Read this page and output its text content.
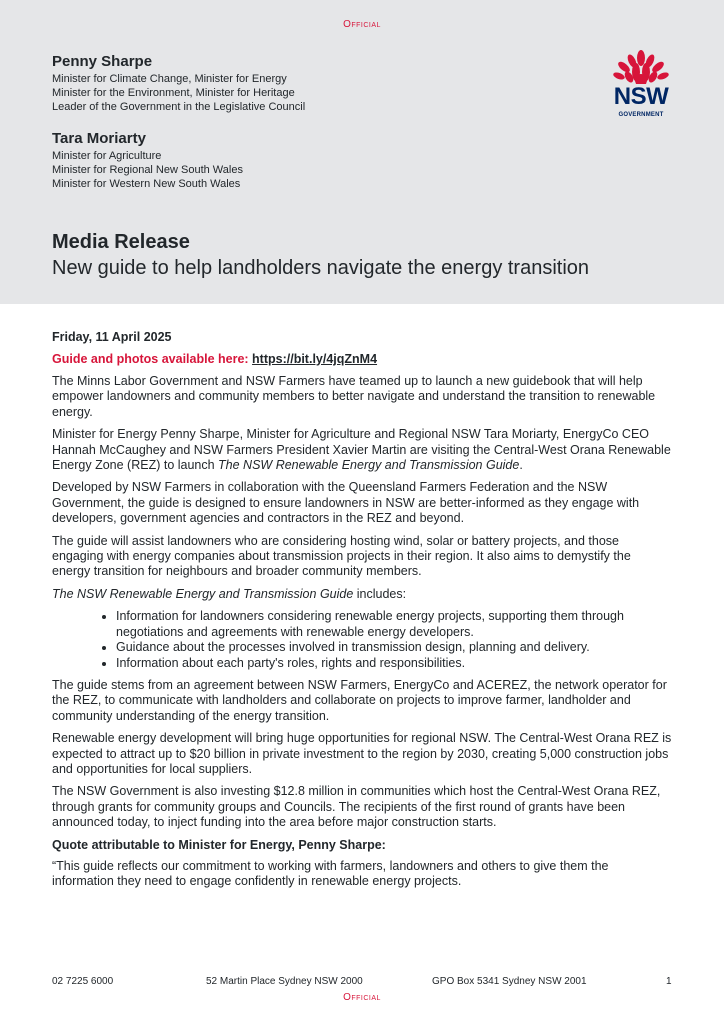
Penny Sharpe
Minister for Climate Change, Minister for Energy
Minister for the Environment, Minister for Heritage
Leader of the Government in the Legislative Council
Tara Moriarty
Minister for Agriculture
Minister for Regional New South Wales
Minister for Western New South Wales
NSW
GOVERNMENT
Media Release
New guide to help landholders navigate the energy transition
Official
Friday, 11 April 2025
Guide and photos available here: https://bit.ly/4jqZnM4

The Minns Labor Government and NSW Farmers have teamed up to launch a new guidebook that will help empower landowners and community members to better navigate and understand the transition to renewable energy.

Minister for Energy Penny Sharpe, Minister for Agriculture and Regional NSW Tara Moriarty, EnergyCo CEO Hannah McCaughey and NSW Farmers President Xavier Martin are visiting the Central-West Orana Renewable Energy Zone (REZ) to launch The NSW Renewable Energy and Transmission Guide.

Developed by NSW Farmers in collaboration with the Queensland Farmers Federation and the NSW Government, the guide is designed to ensure landowners in NSW are better-informed as they engage with developers, government agencies and contractors in the REZ and beyond.

The guide will assist landowners who are considering hosting wind, solar or battery projects, and those engaging with energy companies about transmission projects in their region. It also aims to demystify the energy transition for neighbours and broader community members.

The NSW Renewable Energy and Transmission Guide includes:

• Information for landowners considering renewable energy projects, supporting them through negotiations and agreements with renewable energy developers.
• Guidance about the processes involved in transmission design, planning and delivery.
• Information about each party's roles, rights and responsibilities.

The guide stems from an agreement between NSW Farmers, EnergyCo and ACEREZ, the network operator for the REZ, to communicate with landholders and collaborate on projects to improve farmer, landholder and community understanding of the energy transition.

Renewable energy development will bring huge opportunities for regional NSW. The Central-West Orana REZ is expected to attract up to $20 billion in private investment to the region by 2030, creating 5,000 construction jobs and opportunities for local suppliers.

The NSW Government is also investing $12.8 million in communities which host the Central-West Orana REZ, through grants for community groups and Councils. The recipients of the first round of grants have been announced today, to inject funding into the area before major construction starts.

Quote attributable to Minister for Energy, Penny Sharpe:

“This guide reflects our commitment to working with farmers, landowners and others to give them the information they need to engage confidently in renewable energy projects.

02 7225 6000	52 Martin Place Sydney NSW 2000	GPO Box 5341 Sydney NSW 2001	1
Official
